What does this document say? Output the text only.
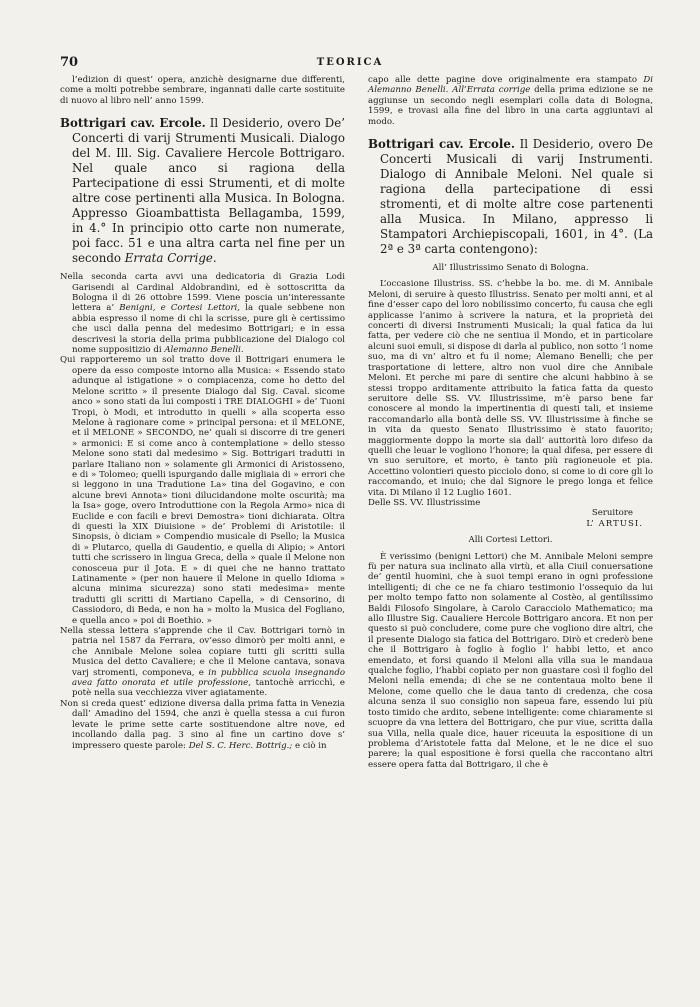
70	TEORICA

l’edizion di quest’ opera, anzichè designarne due differenti, come a molti potrebbe sembrare, ingannati dalle carte sostituite di nuovo al libro nell’ anno 1599.

Bottrigari cav. Ercole. Il Desiderio, overo De’ Concerti di varij Strumenti Musicali. Dialogo del M. Ill. Sig. Cavaliere Hercole Bottrigaro. Nel quale anco si ragiona della Partecipatione di essi Strumenti, et di molte altre cose pertinenti alla Musica. In Bologna. Appresso Gioambattista Bellagamba, 1599, in 4.° In principio otto carte non numerate, poi facc. 51 e una altra carta nel fine per un secondo Errata Corrige.

Nella seconda carta avvi una dedicatoria di Grazia Lodi Garisendi al Cardinal Aldobrandini, ed è sottoscritta da Bologna il di 26 ottobre 1599. Viene poscia un’interessante lettera a’ Benigni, e Cortesi Lettori, la quale sebbene non abbia espresso il nome di chi la scrisse, pure gli è certissimo che uscì dalla penna del medesimo Bottrigari; e in essa descrivesi la storia della prima pubblicazione del Dialogo col nome suppositizio di Alemanno Benelli.

Qui rapporteremo un sol tratto dove il Bottrigari enumera le opere da esso composte intorno alla Musica: « Essendo stato adunque al istigatione » o compiacenza, come ho detto del Melone scritto » il presente Dialogo dal Sig. Caval. sicome anco » sono stati da lui composti i TRE DIALOGHI » de’ Tuoni Tropi, ò Modi, et introdutto in quelli » alla scoperta esso Melone à ragionare come » principal persona: et il MELONE, et il MELONE » SECONDO, ne’ quali si discorre di tre generi » armonici: E si come anco à contemplatione » dello stesso Melone sono stati dal medesimo » Sig. Bottrigari tradutti in parlare Italiano non » solamente gli Armonici di Aristosseno, e di » Tolomeo; quelli ispurgando dalle migliaia di » errori che si leggono in una Tradutione La» tina del Gogavino, e con alcune brevi Annota» tioni dilucidandone molte oscurità; ma la Isa» goge, overo Introduttione con la Regola Armo» nica di Euclide e con facili e brevi Demostra» tioni dichiarata. Oltra di questi la XIX Diuisione » de’ Problemi di Aristotile: il Sinopsis, ò diciam » Compendio musicale di Psello; la Musica di » Plutarco, quella di Gaudentio, e quella di Alipio; » Antori tutti che scrissero in lingua Greca, della » quale il Melone non conosceua pur il Jota. E » di quei che ne hanno trattato Latinamente » (per non hauere il Melone in quello Idioma » alcuna minima sicurezza) sono stati medesima» mente tradutti gli scritti di Martiano Capella, » di Censorino, di Cassiodoro, di Beda, e non ha » molto la Musica del Fogliano, e quella anco » poi di Boethio. »

Nella stessa lettera s’apprende che il Cav. Bottrigari tornò in patria nel 1587 da Ferrara, ov’esso dimorò per molti anni, e che Annibale Melone solea copiare tutti gli scritti sulla Musica del detto Cavaliere; e che il Melone cantava, sonava varj stromenti, componeva, e in pubblica scuola insegnando avea fatto onorata et utile professione, tantochè arricchì, e potè nella sua vecchiezza viver agiatamente.

Non si creda quest’ edizione diversa dalla prima fatta in Venezia dall’ Amadino del 1594, che anzi è quella stessa a cui furon levate le prime sette carte sostituendone altre nove, ed incollando dalla pag. 3 sino al fine un cartino dove s’ impressero queste parole: Del S. C. Herc. Bottrig.; e ciò in

capo alle dette pagine dove originalmente era stampato Di Alemanno Benelli. All’Errata corrige della prima edizione se ne aggiunse un secondo negli esemplari colla data di Bologna, 1599, e trovasi alla fine del libro in una carta aggiuntavi al modo.

Bottrigari cav. Ercole. Il Desiderio, overo De Concerti Musicali di varij Instrumenti. Dialogo di Annibale Meloni. Nel quale si ragiona della partecipatione di essi stromenti, et di molte altre cose partenenti alla Musica. In Milano, appresso li Stampatori Archiepiscopali, 1601, in 4°. (La 2ª e 3ª carta contengono):

All’ Illustrissimo Senato di Bologna.

L’occasione Illustriss. SS. c’hebbe la bo. me. di M. Annibale Meloni, di seruire à questo Illustriss. Senato per molti anni, et al fine d’esser capo del loro nobilissimo concerto, fu causa che egli applicasse l’animo à scrivere la natura, et la proprietà dei concerti di diversi Instrumenti Musicali; la qual fatica da lui fatta, per vedere ciò che ne sentiua il Mondo, et in particolare alcuni suoi emuli, si dispose di darla al publico, non sotto ’l nome suo, ma di vn’ altro et fu il nome; Alemano Benelli; che per trasportatione di lettere, altro non vuol dire che Annibale Meloni. Et perche mi pare di sentire che alcuni habbino à se stessi troppo arditamente attribuito la fatica fatta da questo seruitore delle SS. VV. Illustrissime, m’è parso bene far conoscere al mondo la impertinentia di questi tali, et insieme raccomandarlo alla bontà delle SS. VV. Illustrissime à finche se in vita da questo Senato Illustrissimo è stato fauorito; maggiormente doppo la morte sia dall’ auttorità loro difeso da quelli che leuar le vogliono l’honore; la qual difesa, per essere di vn suo seruitore, et morto, è tanto più ragioneuole et pia. Accettino volontieri questo picciolo dono, si come io di core gli lo raccomando, et inuio; che dal Signore le prego longa et felice vita. Di Milano il 12 Luglio 1601.

Delle SS. VV. Illustrissime

Seruitore

L’ ARTUSI.

Alli Cortesi Lettori.

È verissimo (benigni Lettori) che M. Annibale Meloni sempre fù per natura sua inclinato alla virtù, et alla Ciuil conuersatione de’ gentil huomini, che à suoi tempi erano in ogni professione intelligenti; di che ce ne fa chiaro testimonio l’ossequio da lui per molto tempo fatto non solamente al Costèo, al gentilissimo Baldi Filosofo Singolare, à Carolo Caracciolo Mathematico; ma allo Illustre Sig. Caualiere Hercole Bottrigaro ancora. Et non per questo si può concludere, come pure che vogliono dire altri, che il presente Dialogo sia fatica del Bottrigaro. Dirò et crederò bene che il Bottrigaro à foglio à foglio l’ habbi letto, et anco emendato, et forsi quando il Meloni alla villa sua le mandaua qualche foglio, l’habbi copiato per non guastare così il foglio del Meloni nella emenda; di che se ne contentaua molto bene il Melone, come quello che le daua tanto di credenza, che cosa alcuna senza il suo consiglio non sapeua fare, essendo lui più tosto timido che ardito, sebene intelligente: come chiaramente si scuopre da vna lettera del Bottrigaro, che pur viue, scritta dalla sua Villa, nella quale dice, hauer riceuuta la espositione di un problema d’Aristotele fatta dal Melone, et le ne dice el suo parere; la qual espositione è forsi quella che raccontano altri essere opera fatta dal Bottrigaro, il che è
